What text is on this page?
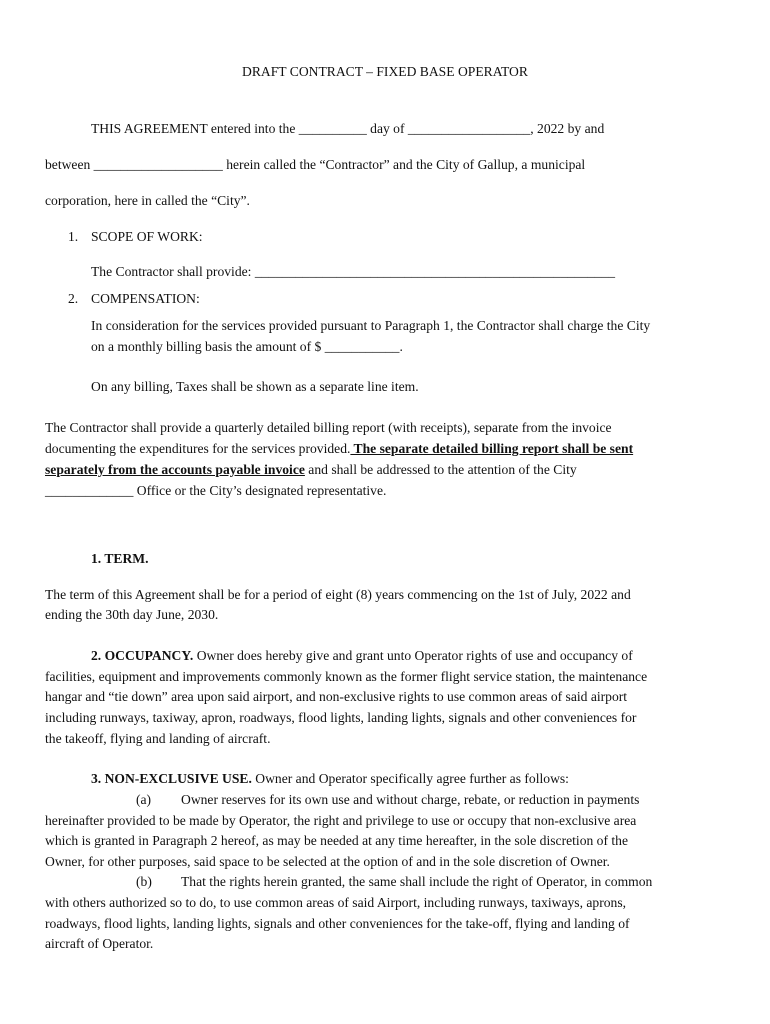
DRAFT CONTRACT – FIXED BASE OPERATOR
THIS AGREEMENT entered into the __________ day of __________________, 2022 by and
between ___________________ herein called the “Contractor” and the City of Gallup, a municipal
corporation, here in called the “City”.
1. SCOPE OF WORK:
The Contractor shall provide: _____________________________________________________
2. COMPENSATION:
In consideration for the services provided pursuant to Paragraph 1, the Contractor shall charge the City
on a monthly billing basis the amount of $ ___________.
On any billing, Taxes shall be shown as a separate line item.
The Contractor shall provide a quarterly detailed billing report (with receipts), separate from the invoice
documenting the expenditures for the services provided. The separate detailed billing report shall be sent
separately from the accounts payable invoice and shall be addressed to the attention of the City
_____________ Office or the City’s designated representative.
1. TERM.
The term of this Agreement shall be for a period of eight (8) years commencing on the 1st of July, 2022 and
ending the 30th day June, 2030.
2. OCCUPANCY. Owner does hereby give and grant unto Operator rights of use and occupancy of
facilities, equipment and improvements commonly known as the former flight service station, the maintenance
hangar and “tie down” area upon said airport, and non-exclusive rights to use common areas of said airport
including runways, taxiway, apron, roadways, flood lights, landing lights, signals and other conveniences for
the takeoff, flying and landing of aircraft.
3. NON-EXCLUSIVE USE. Owner and Operator specifically agree further as follows:
(a) Owner reserves for its own use and without charge, rebate, or reduction in payments
hereinafter provided to be made by Operator, the right and privilege to use or occupy that non-exclusive area
which is granted in Paragraph 2 hereof, as may be needed at any time hereafter, in the sole discretion of the
Owner, for other purposes, said space to be selected at the option of and in the sole discretion of Owner.
(b) That the rights herein granted, the same shall include the right of Operator, in common
with others authorized so to do, to use common areas of said Airport, including runways, taxiways, aprons,
roadways, flood lights, landing lights, signals and other conveniences for the take-off, flying and landing of
aircraft of Operator.
